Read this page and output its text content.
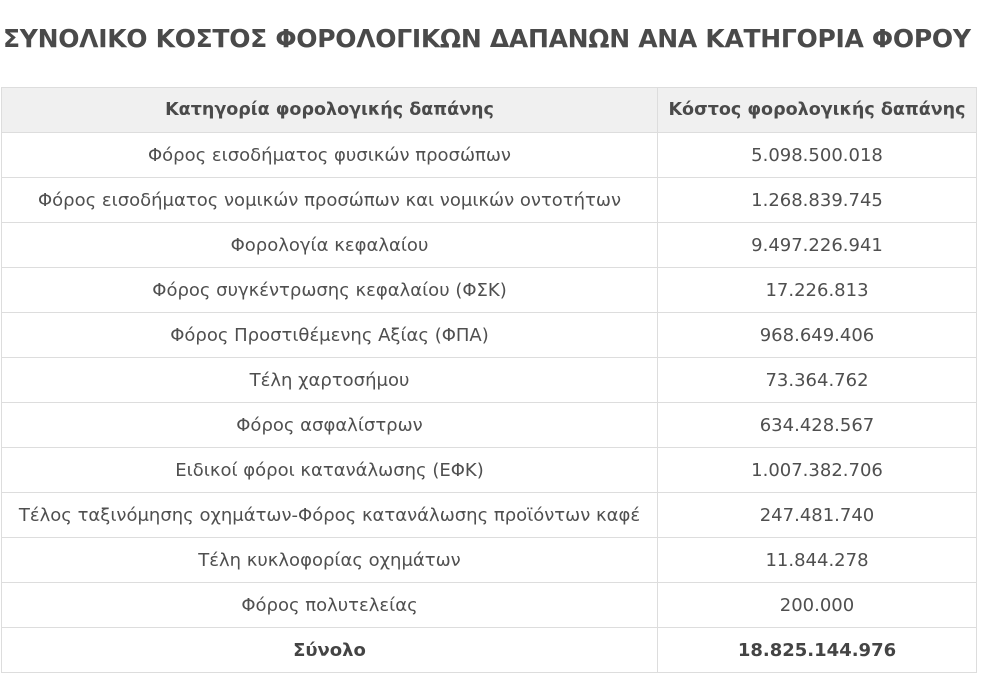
ΣΥΝΟΛΙΚΟ ΚΟΣΤΟΣ ΦΟΡΟΛΟΓΙΚΩΝ ΔΑΠΑΝΩΝ ΑΝΑ ΚΑΤΗΓΟΡΙΑ ΦΟΡΟΥ
Κατηγορία φορολογικής δαπάνης	Κόστος φορολογικής δαπάνης
Φόρος εισοδήματος φυσικών προσώπων	5.098.500.018
Φόρος εισοδήματος νομικών προσώπων και νομικών οντοτήτων	1.268.839.745
Φορολογία κεφαλαίου	9.497.226.941
Φόρος συγκέντρωσης κεφαλαίου (ΦΣΚ)	17.226.813
Φόρος Προστιθέμενης Αξίας (ΦΠΑ)	968.649.406
Τέλη χαρτοσήμου	73.364.762
Φόρος ασφαλίστρων	634.428.567
Ειδικοί φόροι κατανάλωσης (ΕΦΚ)	1.007.382.706
Τέλος ταξινόμησης οχημάτων-Φόρος κατανάλωσης προϊόντων καφέ	247.481.740
Τέλη κυκλοφορίας οχημάτων	11.844.278
Φόρος πολυτελείας	200.000
Σύνολο	18.825.144.976
